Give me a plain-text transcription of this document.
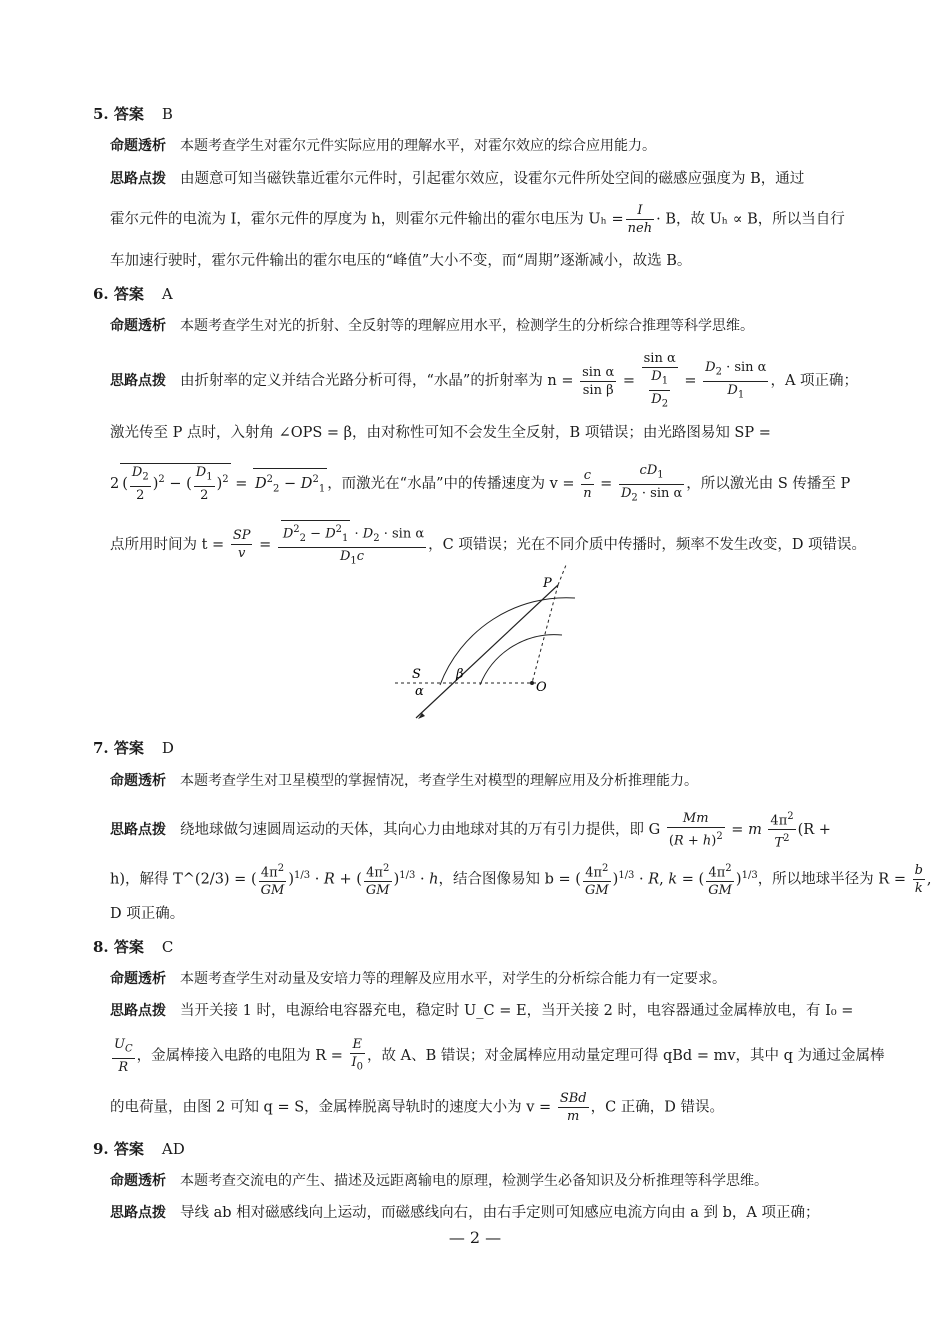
5. 答案 B
命题透析 本题考查学生对霍尔元件实际应用的理解水平，对霍尔效应的综合应用能力。
思路点拨 由题意可知当磁铁靠近霍尔元件时，引起霍尔效应，设霍尔元件所处空间的磁感应强度为 B，通过
霍尔元件的电流为 I，霍尔元件的厚度为 h，则霍尔元件输出的霍尔电压为 $U_h = \frac{I}{\text{neh}} \cdot B$，故 Uₕ ∝ B，所以当自行
车加速行驶时，霍尔元件输出的霍尔电压的“峰值”大小不变，而“周期”逐渐减小，故选 B。
6. 答案 A
命题透析 本题考查学生对光的折射、全反射等的理解应用水平，检测学生的分析综合推理等科学思维。
思路点拨 由折射率的定义并结合光路分析可得，“水晶”的折射率为 $n = \frac{\text{sin α}}{\text{sin β}} = \frac{\text{sin α}}{\frac{D_1}{D_2}} = \frac{D_2 \cdot \sin \alpha}{D_1}$ ，A 项正确；
激光传至 P 点时，入射角 ∠OPS = β，由对称性可知不会发生全反射，B 项错误；由光路图易知 SP =
2 ( $\frac{D_2}{2} )^2$ − ( $\frac{D_1}{2} )^2 = D^2_2 - D^2_1$ ，而激光在“水晶”中的传播速度为 $v = \frac{c}{n} = \frac{cD_1}{D_2 \cdot \sin \alpha}$ ，所以激光由 S 传播至 P
点所用时间为 $t = \frac{SP}{v} = \frac{D^2_2 - D^2_1 \cdot D_2 \cdot \sin \alpha}{D_1c}$ ，C 项错误；光在不同介质中传播时，频率不发生改变，D 项错误。
P
S
O
β
α
7. 答案 D
命题透析 本题考查学生对卫星模型的掌握情况，考查学生对模型的理解应用及分析推理能力。
思路点拨 绕地球做匀速圆周运动的天体，其向心力由地球对其的万有引力提供，即 G $\frac{Mm}{(R + h)^2} = m \frac{4\pi^2}{T^2} (R$ +
h)，解得 T^(2/3) = ( $\frac{4\pi^2}{GM} )^{1/3} \cdot R$ + ( $\frac{4\pi^2}{GM} )^{1/3} \cdot h$，结合图像易知 b = ( $\frac{4\pi^2}{GM} )^{1/3} \cdot R$, k = ( $\frac{4\pi^2}{GM} )^{1/3}$，所以地球半径为 $R = \frac{b}{k}$ ,
D 项正确。
8. 答案 C
命题透析 本题考查学生对动量及安培力等的理解及应用水平，对学生的分析综合能力有一定要求。
思路点拨 当开关接 1 时，电源给电容器充电，稳定时 U_C = E，当开关接 2 时，电容器通过金属棒放电，有 I₀ =
$\frac{U_C}{R}$ ，金属棒接入电路的电阻为 $R = \frac{E}{I_0}$ ，故 A、B 错误；对金属棒应用动量定理可得 qBd = mv，其中 q 为通过金属棒
的电荷量，由图 2 可知 q = S，金属棒脱离导轨时的速度大小为 $v = \frac{\text{SBd}}{m}$ ，C 正确，D 错误。
9. 答案 AD
命题透析 本题考查交流电的产生、描述及远距离输电的原理，检测学生必备知识及分析推理等科学思维。
思路点拨 导线 ab 相对磁感线向上运动，而磁感线向右，由右手定则可知感应电流方向由 a 到 b，A 项正确；
— 2 —
